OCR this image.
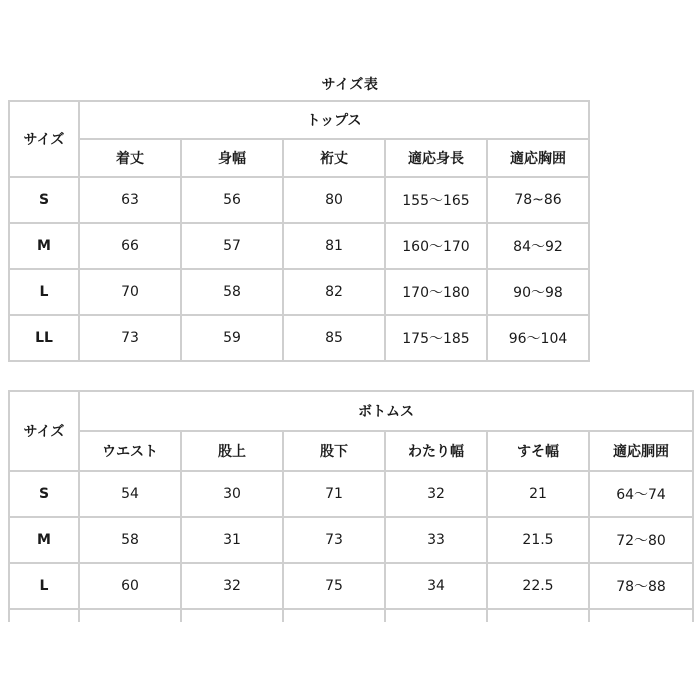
サイズ表
サイズ	トップス				
	着丈	身幅	裄丈	適応身長	適応胸囲
S	63	56	80	155～165	78~86
M	66	57	81	160～170	84～92
L	70	58	82	170～180	90～98
LL	73	59	85	175～185	96～104
サイズ	ボトムス					
	ウエスト	股上	股下	わたり幅	すそ幅	適応胴囲
S	54	30	71	32	21	64～74
M	58	31	73	33	21.5	72～80
L	60	32	75	34	22.5	78～88
